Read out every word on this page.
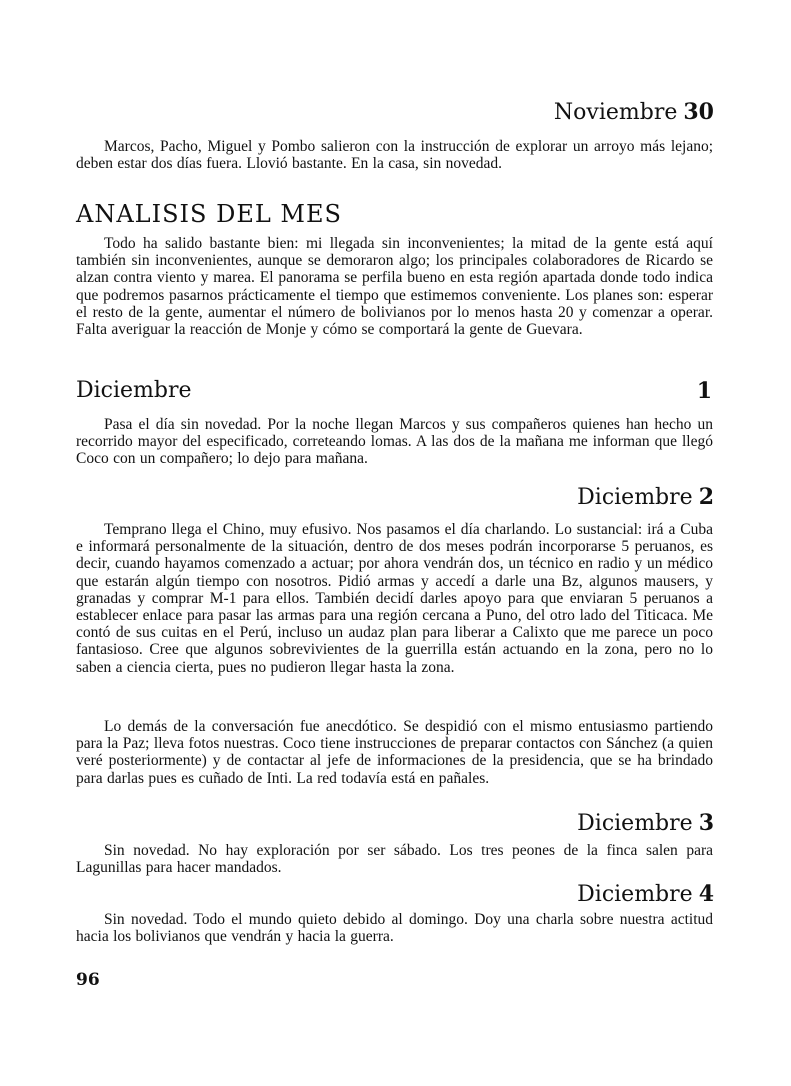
Noviembre 30

Marcos, Pacho, Miguel y Pombo salieron con la instrucción de explorar un arroyo más lejano; deben estar dos días fuera. Llovió bastante. En la casa, sin novedad.

ANALISIS DEL MES

Todo ha salido bastante bien: mi llegada sin inconvenientes; la mitad de la gente está aquí también sin inconvenientes, aunque se demoraron algo; los principales colaboradores de Ricardo se alzan contra viento y marea. El panorama se perfila bueno en esta región apartada donde todo indica que podremos pasarnos prácticamente el tiempo que estimemos conveniente. Los planes son: esperar el resto de la gente, aumentar el número de bolivianos por lo menos hasta 20 y comenzar a operar. Falta averiguar la reacción de Monje y cómo se comportará la gente de Guevara.

Diciembre	1

Pasa el día sin novedad. Por la noche llegan Marcos y sus compañeros quienes han hecho un recorrido mayor del especificado, correteando lomas. A las dos de la mañana me informan que llegó Coco con un compañero; lo dejo para mañana.

Diciembre 2

Temprano llega el Chino, muy efusivo. Nos pasamos el día charlando. Lo sustancial: irá a Cuba e informará personalmente de la situación, dentro de dos meses podrán incorporarse 5 peruanos, es decir, cuando hayamos comenzado a actuar; por ahora vendrán dos, un técnico en radio y un médico que estarán algún tiempo con nosotros. Pidió armas y accedí a darle una Bz, algunos mausers, y granadas y comprar M-1 para ellos. También decidí darles apoyo para que enviaran 5 peruanos a establecer enlace para pasar las armas para una región cercana a Puno, del otro lado del Titicaca. Me contó de sus cuitas en el Perú, incluso un audaz plan para liberar a Calixto que me parece un poco fantasioso. Cree que algunos sobrevivientes de la guerrilla están actuando en la zona, pero no lo saben a ciencia cierta, pues no pudieron llegar hasta la zona.

Lo demás de la conversación fue anecdótico. Se despidió con el mismo entusiasmo partiendo para la Paz; lleva fotos nuestras. Coco tiene instrucciones de preparar contactos con Sánchez (a quien veré posteriormente) y de contactar al jefe de informaciones de la presidencia, que se ha brindado para darlas pues es cuñado de Inti. La red todavía está en pañales.

Diciembre 3

Sin novedad. No hay exploración por ser sábado. Los tres peones de la finca salen para Lagunillas para hacer mandados.

Diciembre 4

Sin novedad. Todo el mundo quieto debido al domingo. Doy una charla sobre nuestra actitud hacia los bolivianos que vendrán y hacia la guerra.

96
